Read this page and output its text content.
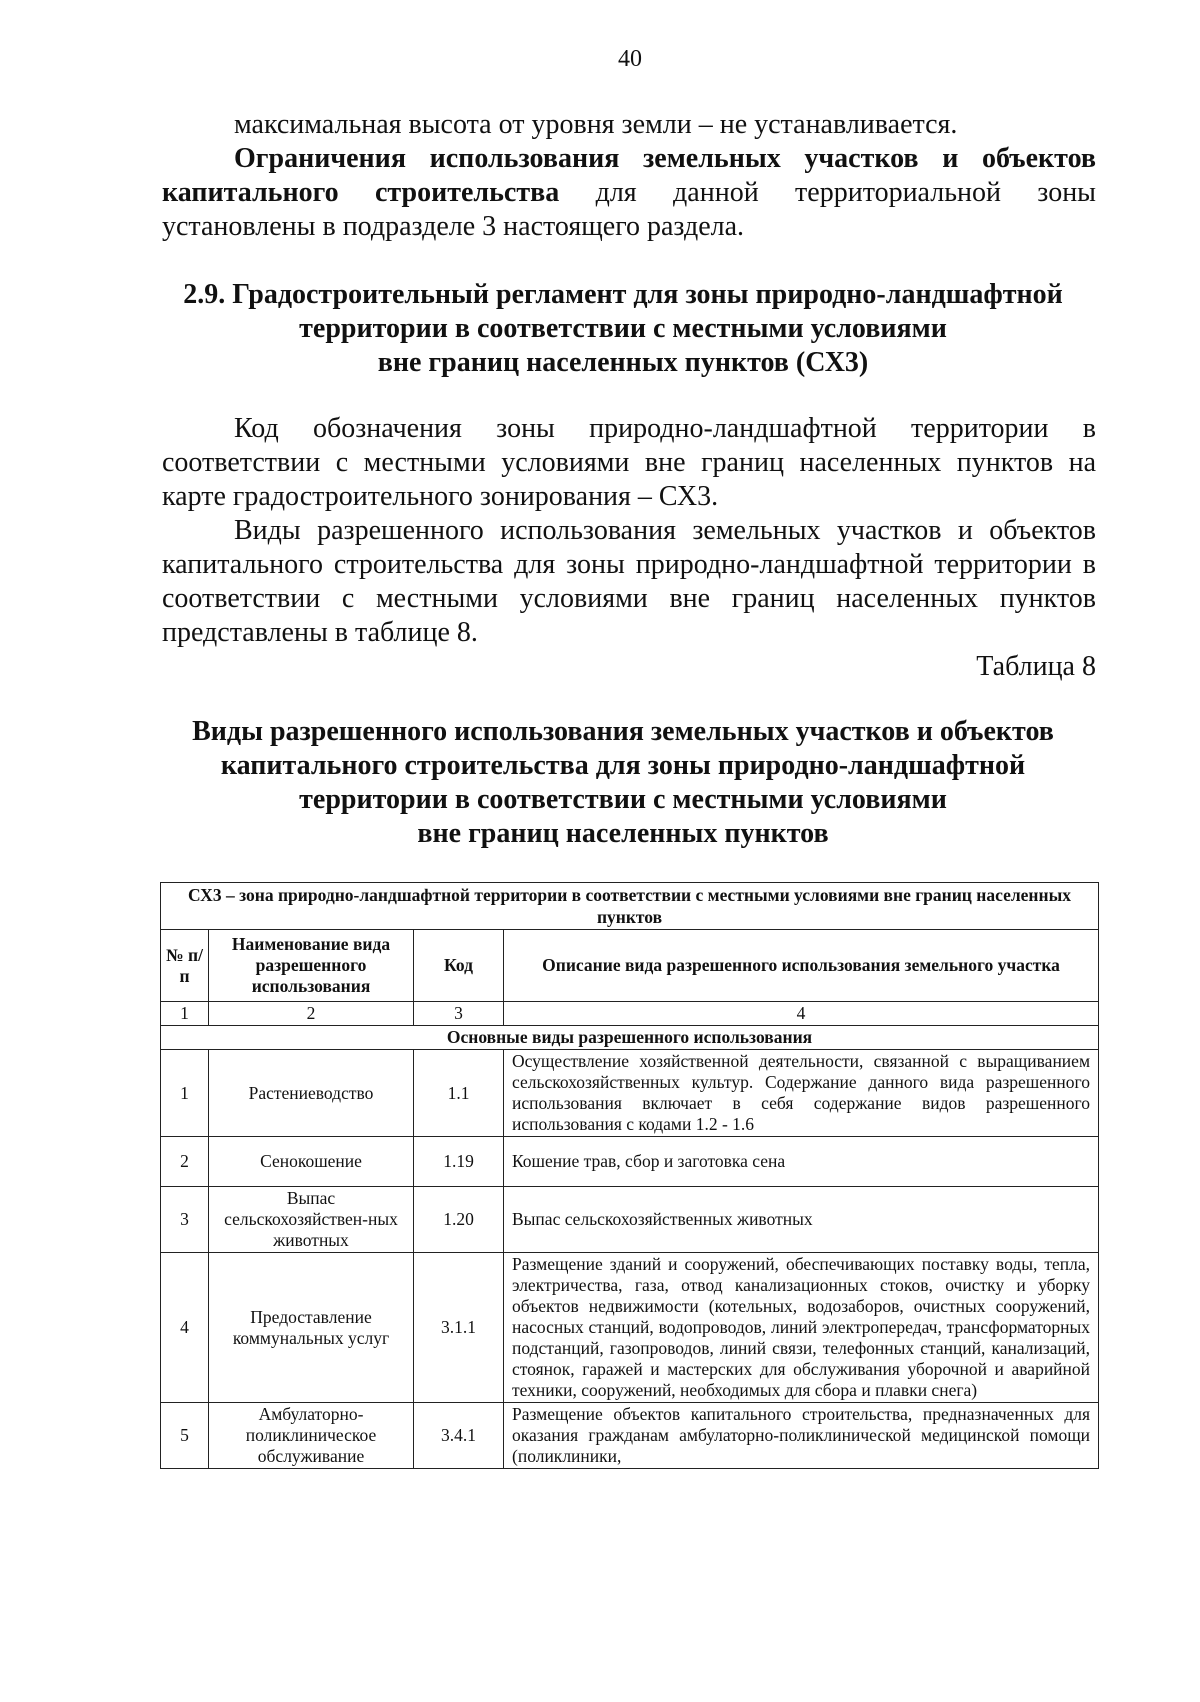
40

максимальная высота от уровня земли – не устанавливается.

Ограничения использования земельных участков и объектов капитального строительства для данной территориальной зоны установлены в подразделе 3 настоящего раздела.

2.9. Градостроительный регламент для зоны природно-ландшафтной
территории в соответствии с местными условиями
вне границ населенных пунктов (СХ3)

Код обозначения зоны природно-ландшафтной территории в соответствии с местными условиями вне границ населенных пунктов на карте градостроительного зонирования – СХ3.

Виды разрешенного использования земельных участков и объектов капитального строительства для зоны природно-ландшафтной территории в соответствии с местными условиями вне границ населенных пунктов представлены в таблице 8.

Таблица 8
Виды разрешенного использования земельных участков и объектов
капитального строительства для зоны природно-ландшафтной
территории в соответствии с местными условиями
вне границ населенных пунктов
СХ3 – зона природно-ландшафтной территории в соответствии с местными условиями вне границ населенных пунктов			
№ п/п	Наименование вида разрешенного использования	Код	Описание вида разрешенного использования земельного участка
1	2	3	4
Основные виды разрешенного использования			
1	Растениеводство	1.1	Осуществление хозяйственной деятельности, связанной с выращиванием сельскохозяйственных культур. Содержание данного вида разрешенного использования включает в себя содержание видов разрешенного использования с кодами 1.2 - 1.6
2	Сенокошение	1.19	Кошение трав, сбор и заготовка сена
3	Выпас сельскохозяйствен-ных животных	1.20	Выпас сельскохозяйственных животных
4	Предоставление коммунальных услуг	3.1.1	Размещение зданий и сооружений, обеспечивающих поставку воды, тепла, электричества, газа, отвод канализационных стоков, очистку и уборку объектов недвижимости (котельных, водозаборов, очистных сооружений, насосных станций, водопроводов, линий электропередач, трансформаторных подстанций, газопроводов, линий связи, телефонных станций, канализаций, стоянок, гаражей и мастерских для обслуживания уборочной и аварийной техники, сооружений, необходимых для сбора и плавки снега)
5	Амбулаторно-поликлиническое обслуживание	3.4.1	Размещение объектов капитального строительства, предназначенных для оказания гражданам амбулаторно-поликлинической медицинской помощи (поликлиники,
